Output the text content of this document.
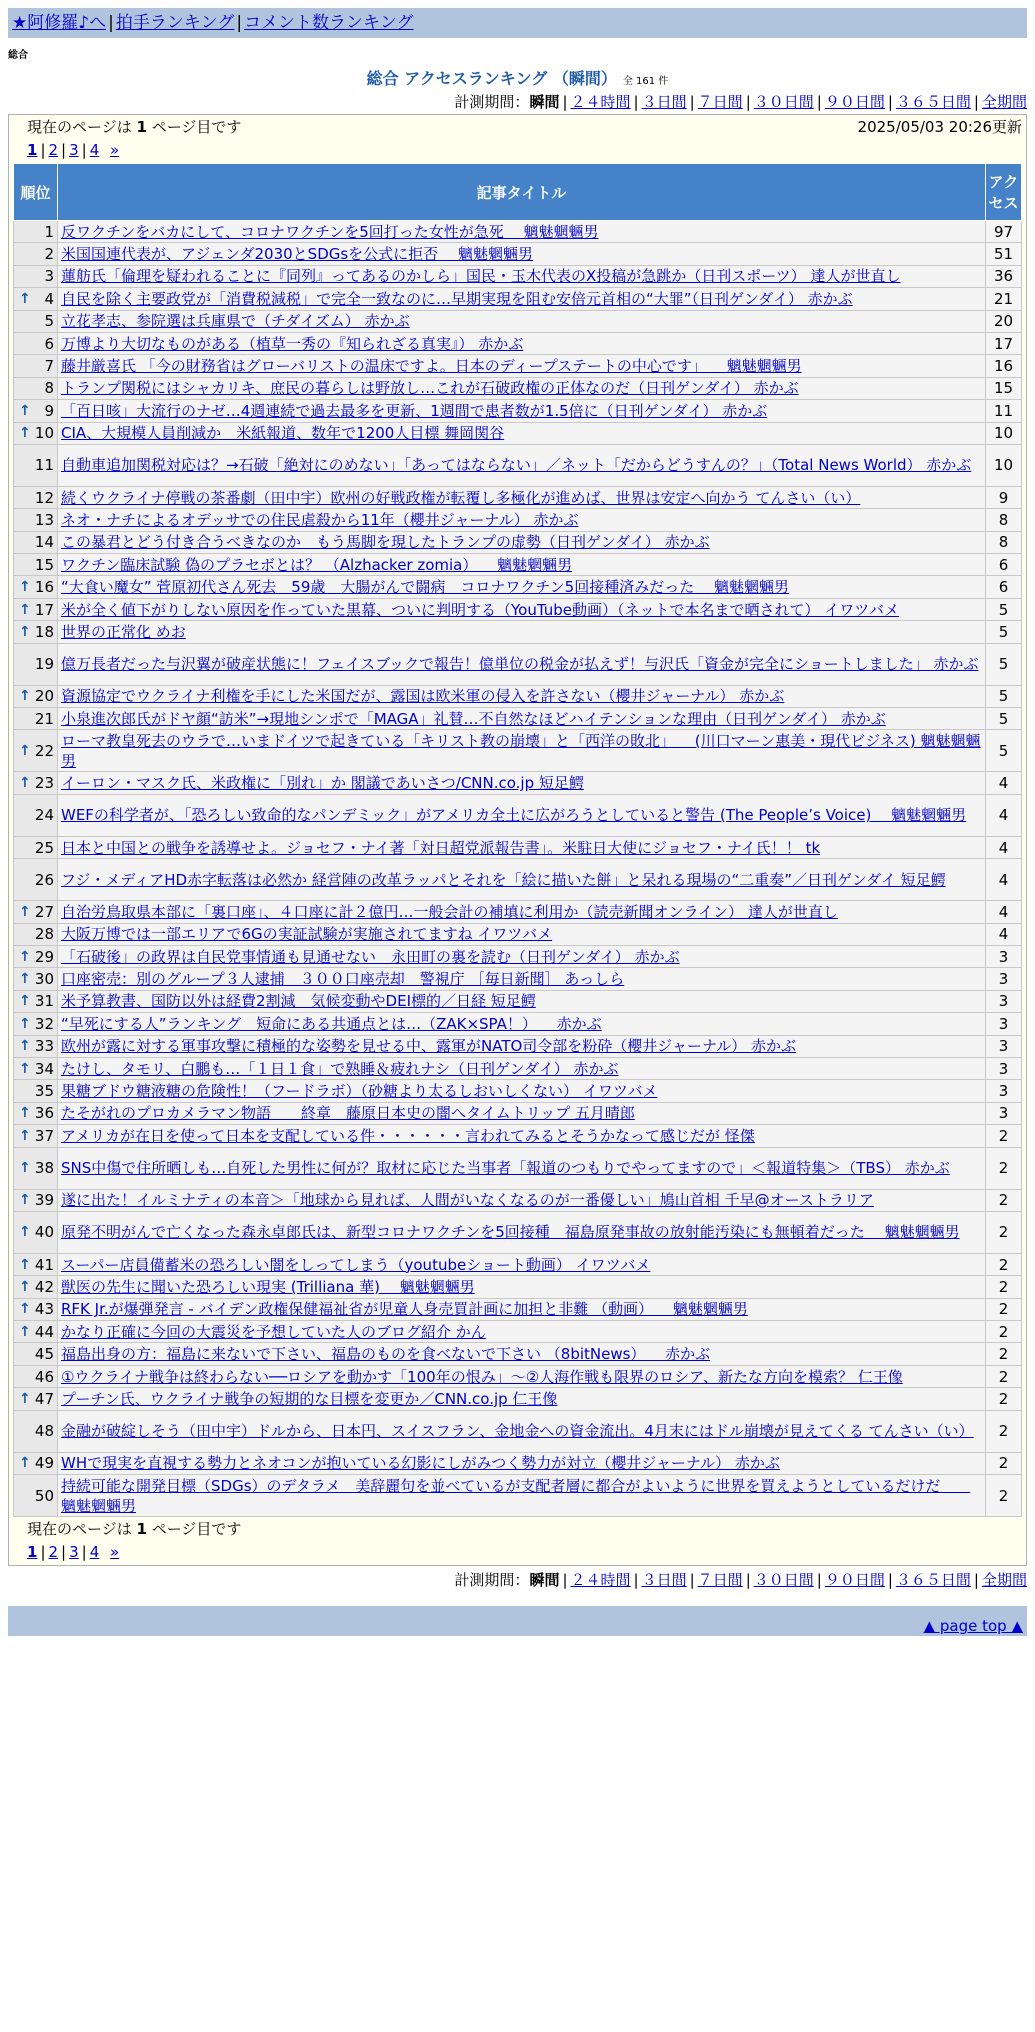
★阿修羅♪へ | 拍手ランキング | コメント数ランキング
総合
総合 アクセスランキング （瞬間） 全 161 件
計測期間：瞬間 | ２４時間 | ３日間 | ７日間 | ３０日間 | ９０日間 | ３６５日間 | 全期間
現在のページは 1 ページ目です	2025/05/03 20:26更新
1 | 2 | 3 | 4 »
順位	記事タイトル	アクセス
1	反ワクチンをバカにして、コロナワクチンを5回打った女性が急死　 魑魅魍魎男	97
2	米国国連代表が、アジェンダ2030とSDGsを公式に拒否 　魑魅魍魎男	51
3	蓮舫氏「倫理を疑われることに『同列』ってあるのかしら」国民・玉木代表のX投稿が急跳か（日刊スポーツ） 達人が世直し	36

↑ 4	自民を除く主要政党が「消費税減税」で完全一致なのに…早期実現を阻む安倍元首相の“大罪”（日刊ゲンダイ） 赤かぶ	21
5	立花孝志、参院選は兵庫県で（チダイズム） 赤かぶ	20
6	万博より大切なものがある（植草一秀の『知られざる真実』） 赤かぶ	17
7	藤井厳喜氏 「今の財務省はグローバリストの温床ですよ。日本のディープステートの中心です」 　魑魅魍魎男	16
8	トランプ関税にはシャカリキ、庶民の暮らしは野放し…これが石破政権の正体なのだ（日刊ゲンダイ） 赤かぶ	15

↑ 9	「百日咳」大流行のナゼ…4週連続で過去最多を更新、1週間で患者数が1.5倍に（日刊ゲンダイ） 赤かぶ	11

↑ 10	CIA、大規模人員削減か　米紙報道、数年で1200人目標 舞岡関谷	10
11	自動車追加関税対応は？→石破「絶対にのめない」「あってはならない」／ネット「だからどうすんの？」（Total News World） 赤かぶ	10
12	続くウクライナ停戦の茶番劇（田中宇）欧州の好戦政権が転覆し多極化が進めば、世界は安定へ向かう てんさい（い）	9
13	ネオ・ナチによるオデッサでの住民虐殺から11年（櫻井ジャーナル） 赤かぶ	8
14	この暴君とどう付き合うべきなのか　もう馬脚を現したトランプの虚勢（日刊ゲンダイ） 赤かぶ	8
15	ワクチン臨床試験 偽のプラセボとは？ （Alzhacker zomia） 　魑魅魍魎男	6

↑ 16	“大食い魔女” 菅原初代さん死去　59歳　大腸がんで闘病　コロナワクチン5回接種済みだった　 魑魅魍魎男	6

↑ 17	米が全く値下がりしない原因を作っていた黒幕、ついに判明する（YouTube動画）（ネットで本名まで晒されて） イワツバメ	5

↑ 18	世界の正常化 めお	5
19	億万長者だった与沢翼が破産状態に！フェイスブックで報告！億単位の税金が払えず！与沢氏「資金が完全にショートしました」 赤かぶ	5

↑ 20	資源協定でウクライナ利権を手にした米国だが、露国は欧米軍の侵入を許さない（櫻井ジャーナル） 赤かぶ	5
21	小泉進次郎氏がドヤ顔“訪米”→現地シンポで「MAGA」礼賛…不自然なほどハイテンションな理由（日刊ゲンダイ） 赤かぶ	5

↑ 22	ローマ教皇死去のウラで…いまドイツで起きている「キリスト教の崩壊」と「西洋の敗北」 　(川口マーン惠美・現代ビジネス) 魑魅魍魎男	5

↑ 23	イーロン・マスク氏、米政権に「別れ」か 閣議であいさつ/CNN.co.jp 短足鰐	4
24	WEFの科学者が、「恐ろしい致命的なパンデミック」がアメリカ全土に広がろうとしていると警告 (The People’s Voice) 　魑魅魍魎男	4
25	日本と中国との戦争を誘導せよ。ジョセフ・ナイ著「対日超党派報告書」。米駐日大使にジョセフ・ナイ氏！！ tk	4
26	フジ・メディアHD赤字転落は必然か 経営陣の改革ラッパとそれを「絵に描いた餅」と呆れる現場の“二重奏”／日刊ゲンダイ 短足鰐	4

↑ 27	自治労鳥取県本部に「裏口座」、４口座に計２億円…一般会計の補填に利用か（読売新聞オンライン） 達人が世直し	4
28	大阪万博では一部エリアで6Gの実証試験が実施されてますね イワツバメ	4

↑ 29	「石破後」の政界は自民党事情通も見通せない　永田町の裏を読む（日刊ゲンダイ） 赤かぶ	3

↑ 30	口座密売：別のグループ３人逮捕　３００口座売却　警視庁 ［毎日新聞］ あっしら	3

↑ 31	米予算教書、国防以外は経費2割減　気候変動やDEI標的／日経 短足鰐	3

↑ 32	“早死にする人”ランキング　短命にある共通点とは…（ZAK×SPA！） 　赤かぶ	3

↑ 33	欧州が露に対する軍事攻撃に積極的な姿勢を見せる中、露軍がNATO司令部を粉砕（櫻井ジャーナル） 赤かぶ	3

↑ 34	たけし、タモリ、白鵬も…「１日１食」で熟睡＆疲れナシ（日刊ゲンダイ） 赤かぶ	3
35	果糖ブドウ糖液糖の危険性！（フードラボ）（砂糖より太るしおいしくない） イワツバメ	3

↑ 36	たそがれのプロカメラマン物語　　終章　藤原日本史の闇へタイムトリップ 五月晴郎	3

↑ 37	アメリカが在日を使って日本を支配している件・・・・・・言われてみるとそうかなって感じだが 怪傑	2

↑ 38	SNS中傷で住所晒しも…自死した男性に何が？取材に応じた当事者「報道のつもりでやってますので」＜報道特集＞（TBS） 赤かぶ	2

↑ 39	遂に出た！イルミナティの本音＞「地球から見れば、人間がいなくなるのが一番優しい」鳩山首相 千早@オーストラリア	2

↑ 40	原発不明がんで亡くなった森永卓郎氏は、新型コロナワクチンを5回接種　福島原発事故の放射能汚染にも無頓着だった　 魑魅魍魎男	2

↑ 41	スーパー店員備蓄米の恐ろしい闇をしってしまう（youtubeショート動画） イワツバメ	2

↑ 42	獣医の先生に聞いた恐ろしい現実 (Trilliana 華) 　魑魅魍魎男	2

↑ 43	RFK Jr.が爆弾発言 - バイデン政権保健福祉省が児童人身売買計画に加担と非難 （動画） 　魑魅魍魎男	2

↑ 44	かなり正確に今回の大震災を予想していた人のブログ紹介 かん	2
45	福島出身の方：福島に来ないで下さい、福島のものを食べないで下さい （8bitNews） 　赤かぶ	2
46	①ウクライナ戦争は終わらない──ロシアを動かす「100年の恨み」～②人海作戦も限界のロシア、新たな方向を模索？ 仁王像	2

↑ 47	プーチン氏、ウクライナ戦争の短期的な目標を変更か／CNN.co.jp 仁王像	2
48	金融が破綻しそう（田中宇）ドルから、日本円、スイスフラン、金地金への資金流出。4月末にはドル崩壊が見えてくる てんさい（い）	2

↑ 49	WHで現実を直視する勢力とネオコンが抱いている幻影にしがみつく勢力が対立（櫻井ジャーナル） 赤かぶ	2
50	持続可能な開発目標（SDGs）のデタラメ　美辞麗句を並べているが支配者層に都合がよいように世界を買えようとしているだけだ　　魑魅魍魎男	2
現在のページは 1 ページ目です
1 | 2 | 3 | 4 »
計測期間：瞬間 | ２４時間 | ３日間 | ７日間 | ３０日間 | ９０日間 | ３６５日間 | 全期間
▲ page top ▲
